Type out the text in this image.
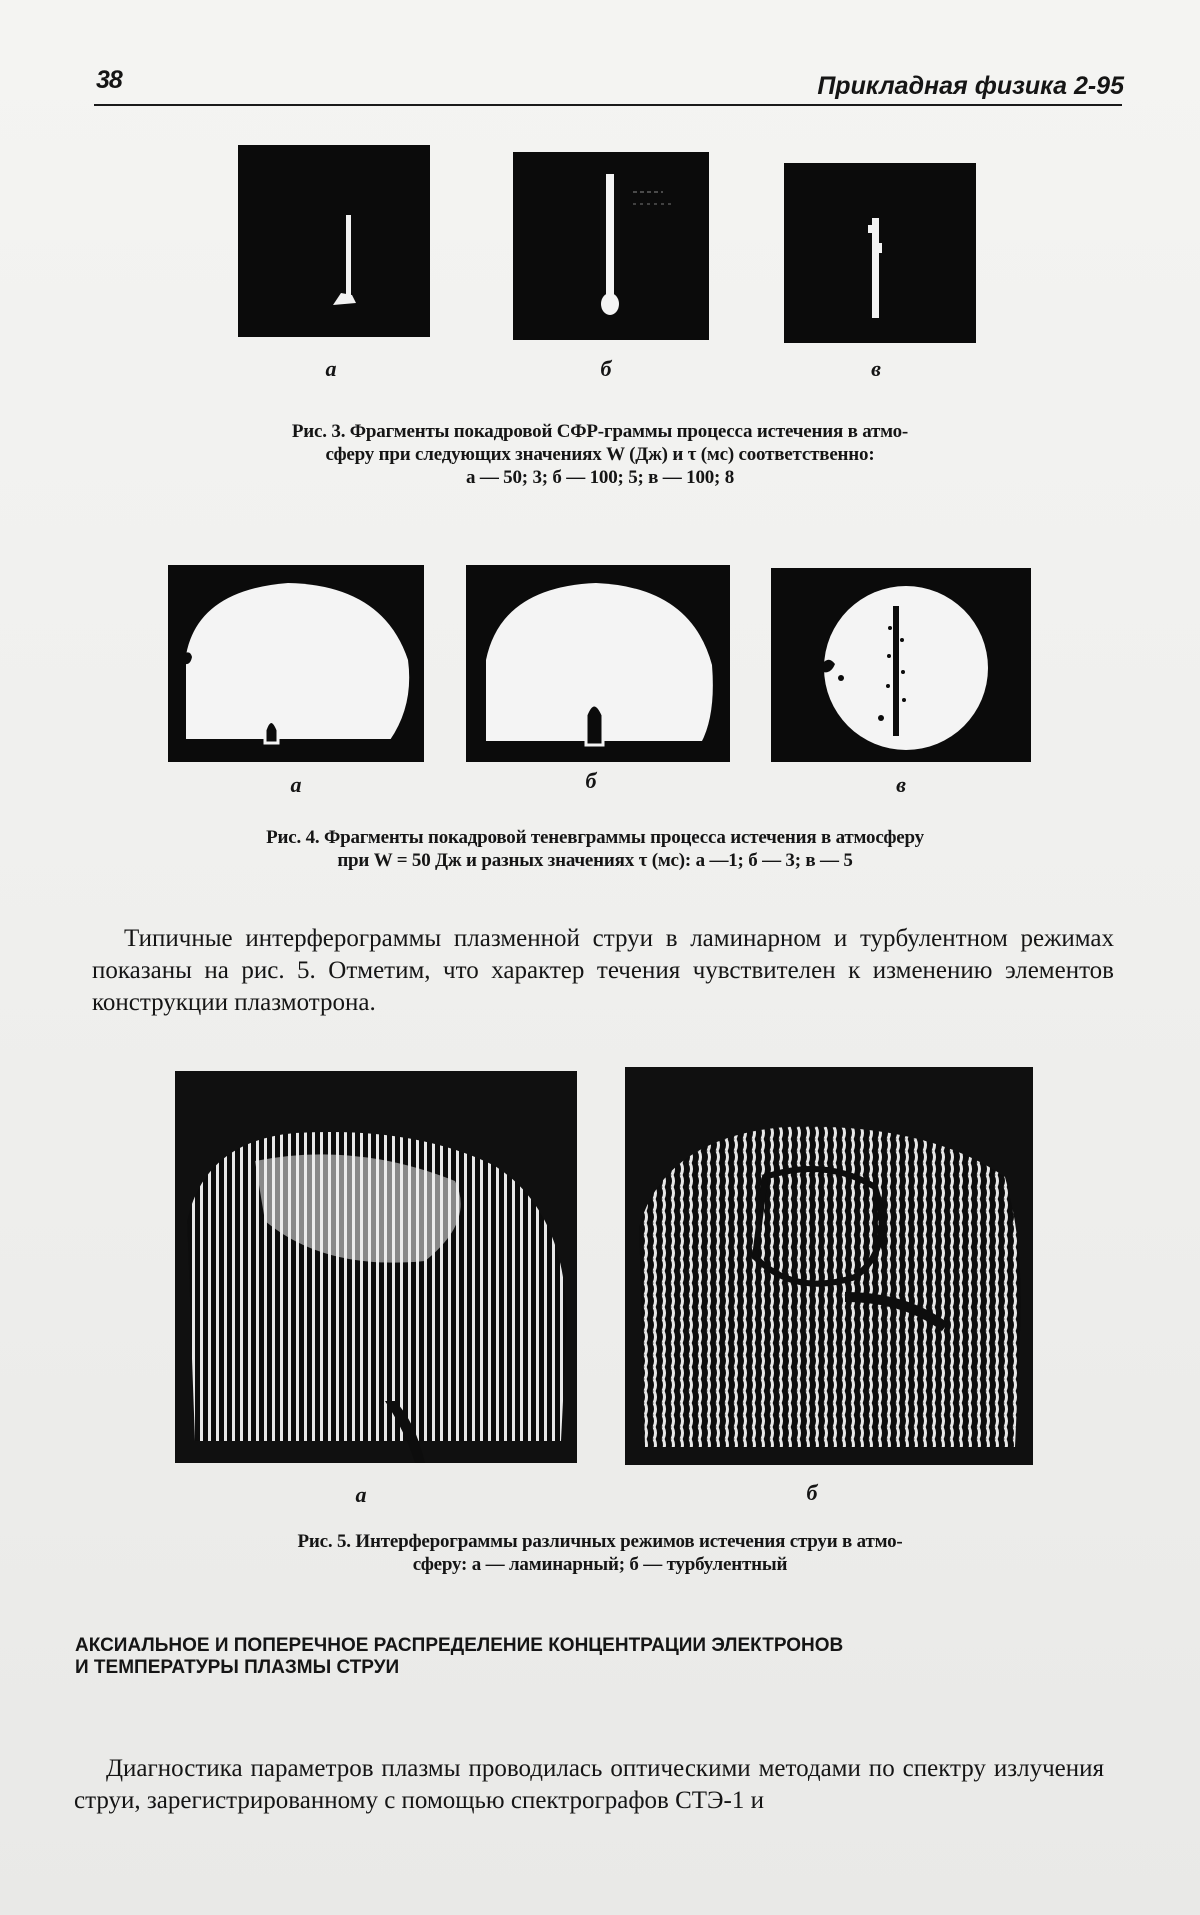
38	Прикладная физика 2-95
а	б	в
Рис. 3. Фрагменты покадровой СФР-граммы процесса истечения в атмо-
сферу при следующих значениях W (Дж) и τ (мс) соответственно:
а — 50; 3; б — 100; 5; в — 100; 8
а	б	в
Рис. 4. Фрагменты покадровой теневграммы процесса истечения в атмосферу
при W = 50 Дж и разных значениях τ (мс): а —1; б — 3; в — 5
Типичные интерферограммы плазменной струи в ламинарном и турбулентном режимах показаны на рис. 5. Отметим, что характер течения чувствителен к изменению элементов конструкции плазмотрона.
а	б
Рис. 5. Интерферограммы различных режимов истечения струи в атмо-
сферу: а — ламинарный; б — турбулентный
АКСИАЛЬНОЕ И ПОПЕРЕЧНОЕ РАСПРЕДЕЛЕНИЕ КОНЦЕНТРАЦИИ ЭЛЕКТРОНОВ
И ТЕМПЕРАТУРЫ ПЛАЗМЫ СТРУИ
Диагностика параметров плазмы проводилась оптическими методами по спектру излучения струи, зарегистрированному с помощью спектрографов СТЭ-1 и
